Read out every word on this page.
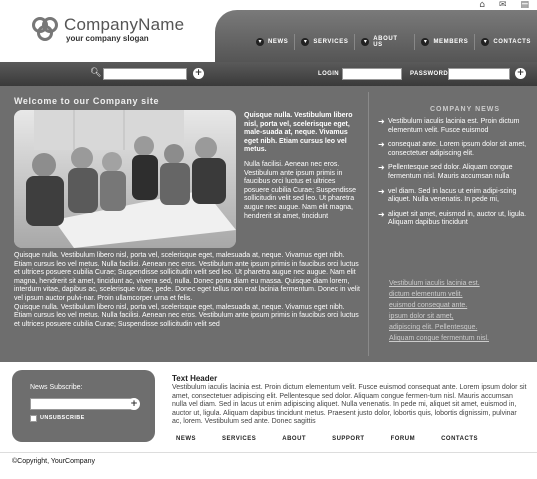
CompanyName
your company slogan
⌂ ✉ ▤
▾	NEWS	▾	SERVICES	▾	ABOUT US	▾	MEMBERS	▾	CONTACTS
🔍︎	+	LOGIN	PASSWORD	+
Welcome to our Company site
Quisque nulla. Vestibulum libero nisl, porta vel, scelerisque eget, male-suada at, neque. Vivamus eget nibh. Etiam cursus leo vel metus.
Nulla facilisi. Aenean nec eros. Vestibulum ante ipsum primis in faucibus orci luctus et ultrices posuere cubilia Curae; Suspendisse sollicitudin velit sed leo. Ut pharetra augue nec augue. Nam elit magna, hendrerit sit amet, tincidunt
Quisque nulla. Vestibulum libero nisl, porta vel, scelerisque eget, malesuada at, neque. Vivamus eget nibh. Etiam cursus leo vel metus. Nulla facilisi. Aenean nec eros. Vestibulum ante ipsum primis in faucibus orci luctus et ultrices posuere cubilia Curae; Suspendisse sollicitudin velit sed leo. Ut pharetra augue nec augue. Nam elit magna, hendrerit sit amet, tincidunt ac, viverra sed, nulla. Donec porta diam eu massa. Quisque diam lorem, interdum vitae, dapibus ac, scelerisque vitae, pede. Donec eget tellus non erat lacinia fermentum. Donec in velit vel ipsum auctor pulvi-nar. Proin ullamcorper urna et felis.
Quisque nulla. Vestibulum libero nisl, porta vel, scelerisque eget, malesuada at, neque. Vivamus eget nibh. Etiam cursus leo vel metus. Nulla facilisi. Aenean nec eros. Vestibulum ante ipsum primis in faucibus orci luctus et ultrices posuere cubilia Curae; Suspendisse sollicitudin velit sed
COMPANY NEWS
➜ Vestibulum iaculis lacinia est. Proin dictum elementum velit. Fusce euismod
➜ consequat ante. Lorem ipsum dolor sit amet, consectetuer adipiscing elit.
➜ Pellentesque sed dolor. Aliquam congue fermentum nisl. Mauris accumsan nulla
➜ vel diam. Sed in lacus ut enim adipi-scing aliquet. Nulla venenatis. In pede mi,
➜ aliquet sit amet, euismod in, auctor ut, ligula. Aliquam dapibus tincidunt
Vestibulum iaculis lacinia est.
dictum elementum velit.
euismod consequat ante.
ipsum dolor sit amet,
adipiscing elit. Pellentesque.
Aliquam congue fermentum nisl.
News Subscribe:
+
UNSUBSCRIBE
Text Header
Vestibulum iaculis lacinia est. Proin dictum elementum velit. Fusce euismod consequat ante. Lorem ipsum dolor sit amet, consectetuer adipiscing elit. Pellentesque sed dolor. Aliquam congue fermen-tum nisl. Mauris accumsan nulla vel diam. Sed in lacus ut enim adipiscing aliquet. Nulla venenatis. In pede mi, aliquet sit amet, euismod in, auctor ut, ligula. Aliquam dapibus tincidunt metus. Praesent justo dolor, lobortis quis, lobortis dignissim, pulvinar ac, lorem. Vestibulum sed ante. Donec sagittis
NEWS	SERVICES	ABOUT	SUPPORT	FORUM	CONTACTS
©Copyright, YourCompany
